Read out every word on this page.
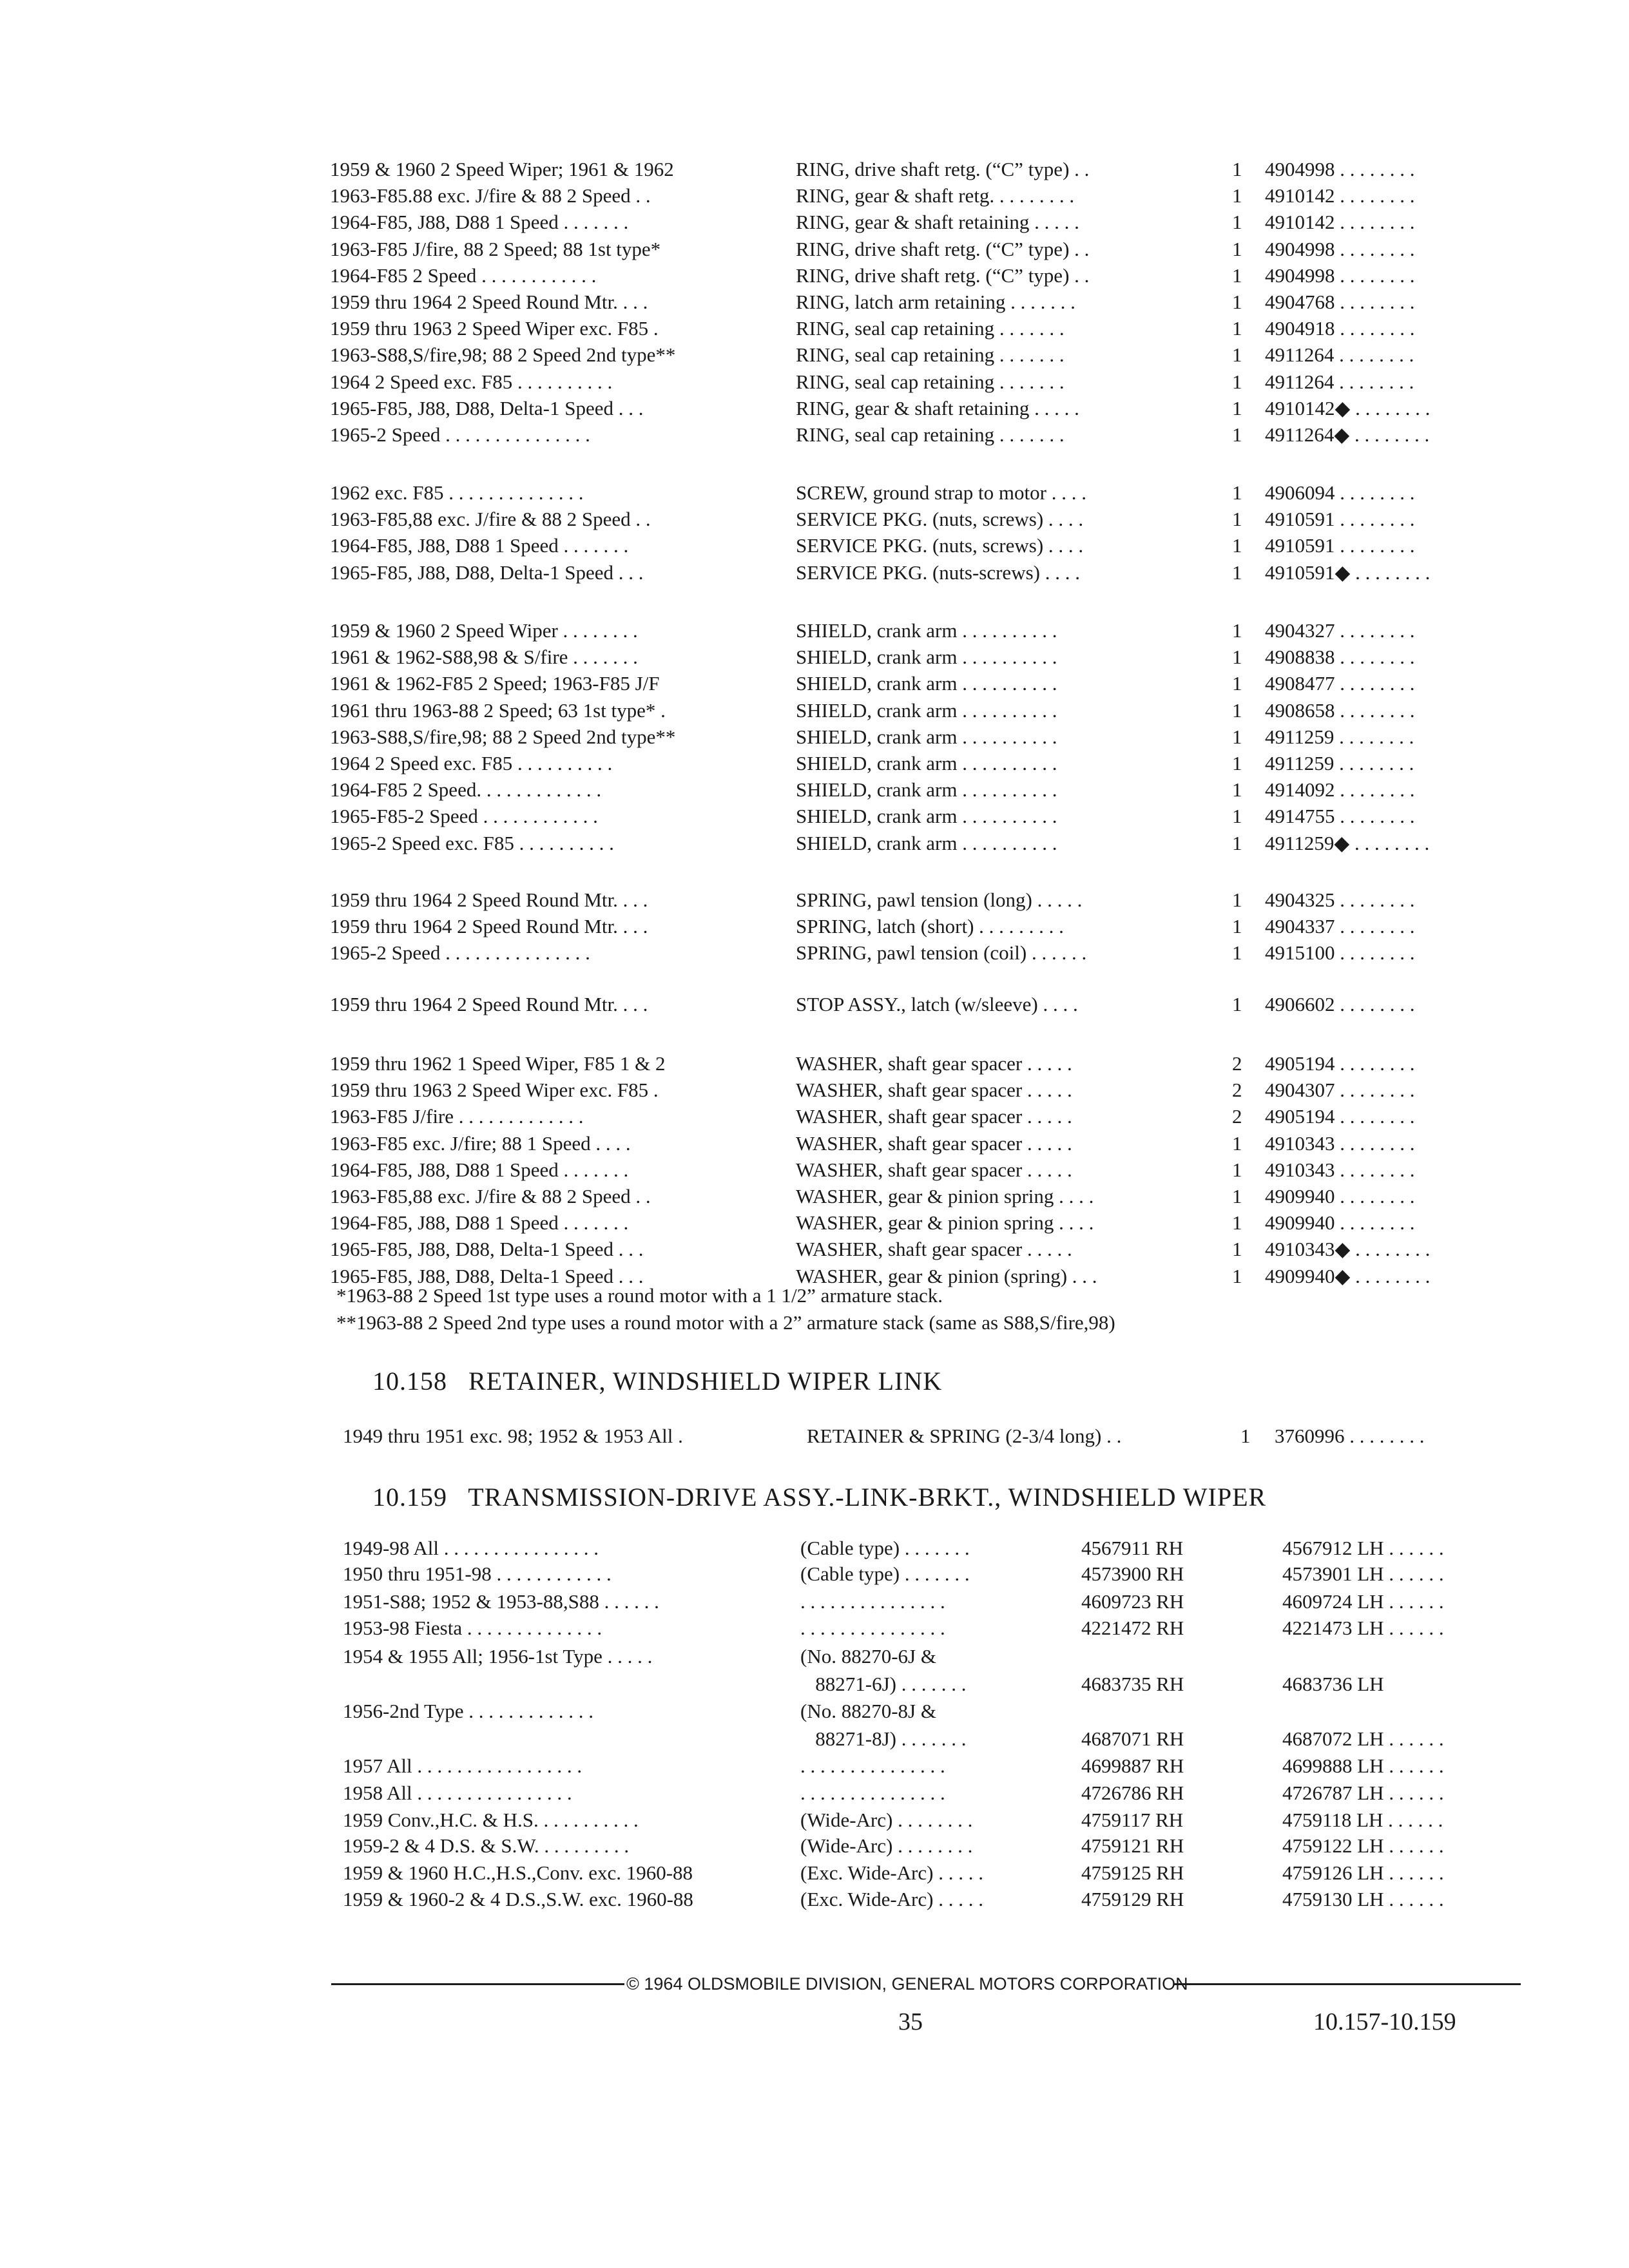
1959 & 1960 2 Speed Wiper; 1961 & 1962	RING, drive shaft retg. (“C” type) . .	1 4904998 . . . . . . . .
1963-F85.88 exc. J/fire & 88 2 Speed . .	RING, gear & shaft retg. . . . . . . . .	1 4910142 . . . . . . . .
1964-F85, J88, D88 1 Speed . . . . . . .	RING, gear & shaft retaining . . . . .	1 4910142 . . . . . . . .
1963-F85 J/fire, 88 2 Speed; 88 1st type*	RING, drive shaft retg. (“C” type) . .	1 4904998 . . . . . . . .
1964-F85 2 Speed . . . . . . . . . . . .	RING, drive shaft retg. (“C” type) . .	1 4904998 . . . . . . . .
1959 thru 1964 2 Speed Round Mtr. . . .	RING, latch arm retaining . . . . . . .	1 4904768 . . . . . . . .
1959 thru 1963 2 Speed Wiper exc. F85 .	RING, seal cap retaining . . . . . . .	1 4904918 . . . . . . . .
1963-S88,S/fire,98; 88 2 Speed 2nd type**	RING, seal cap retaining . . . . . . .	1 4911264 . . . . . . . .
1964 2 Speed exc. F85 . . . . . . . . . .	RING, seal cap retaining . . . . . . .	1 4911264 . . . . . . . .
1965-F85, J88, D88, Delta-1 Speed . . .	RING, gear & shaft retaining . . . . .	1 4910142◆ . . . . . . . .
1965-2 Speed . . . . . . . . . . . . . . .	RING, seal cap retaining . . . . . . .	1 4911264◆ . . . . . . . .
1962 exc. F85 . . . . . . . . . . . . . .	SCREW, ground strap to motor . . . .	1 4906094 . . . . . . . .
1963-F85,88 exc. J/fire & 88 2 Speed . .	SERVICE PKG. (nuts, screws) . . . .	1 4910591 . . . . . . . .
1964-F85, J88, D88 1 Speed . . . . . . .	SERVICE PKG. (nuts, screws) . . . .	1 4910591 . . . . . . . .
1965-F85, J88, D88, Delta-1 Speed . . .	SERVICE PKG. (nuts-screws) . . . .	1 4910591◆ . . . . . . . .
1959 & 1960 2 Speed Wiper . . . . . . . .	SHIELD, crank arm . . . . . . . . . .	1 4904327 . . . . . . . .
1961 & 1962-S88,98 & S/fire . . . . . . .	SHIELD, crank arm . . . . . . . . . .	1 4908838 . . . . . . . .
1961 & 1962-F85 2 Speed; 1963-F85 J/F	SHIELD, crank arm . . . . . . . . . .	1 4908477 . . . . . . . .
1961 thru 1963-88 2 Speed; 63 1st type* .	SHIELD, crank arm . . . . . . . . . .	1 4908658 . . . . . . . .
1963-S88,S/fire,98; 88 2 Speed 2nd type**	SHIELD, crank arm . . . . . . . . . .	1 4911259 . . . . . . . .
1964 2 Speed exc. F85 . . . . . . . . . .	SHIELD, crank arm . . . . . . . . . .	1 4911259 . . . . . . . .
1964-F85 2 Speed. . . . . . . . . . . . .	SHIELD, crank arm . . . . . . . . . .	1 4914092 . . . . . . . .
1965-F85-2 Speed . . . . . . . . . . . .	SHIELD, crank arm . . . . . . . . . .	1 4914755 . . . . . . . .
1965-2 Speed exc. F85 . . . . . . . . . .	SHIELD, crank arm . . . . . . . . . .	1 4911259◆ . . . . . . . .
1959 thru 1964 2 Speed Round Mtr. . . .	SPRING, pawl tension (long) . . . . .	1 4904325 . . . . . . . .
1959 thru 1964 2 Speed Round Mtr. . . .	SPRING, latch (short) . . . . . . . . .	1 4904337 . . . . . . . .
1965-2 Speed . . . . . . . . . . . . . . .	SPRING, pawl tension (coil) . . . . . .	1 4915100 . . . . . . . .
1959 thru 1964 2 Speed Round Mtr. . . .	STOP ASSY., latch (w/sleeve) . . . .	1 4906602 . . . . . . . .
1959 thru 1962 1 Speed Wiper, F85 1 & 2	WASHER, shaft gear spacer . . . . .	2 4905194 . . . . . . . .
1959 thru 1963 2 Speed Wiper exc. F85 .	WASHER, shaft gear spacer . . . . .	2 4904307 . . . . . . . .
1963-F85 J/fire . . . . . . . . . . . . .	WASHER, shaft gear spacer . . . . .	2 4905194 . . . . . . . .
1963-F85 exc. J/fire; 88 1 Speed . . . .	WASHER, shaft gear spacer . . . . .	1 4910343 . . . . . . . .
1964-F85, J88, D88 1 Speed . . . . . . .	WASHER, shaft gear spacer . . . . .	1 4910343 . . . . . . . .
1963-F85,88 exc. J/fire & 88 2 Speed . .	WASHER, gear & pinion spring . . . .	1 4909940 . . . . . . . .
1964-F85, J88, D88 1 Speed . . . . . . .	WASHER, gear & pinion spring . . . .	1 4909940 . . . . . . . .
1965-F85, J88, D88, Delta-1 Speed . . .	WASHER, shaft gear spacer . . . . .	1 4910343◆ . . . . . . . .
1965-F85, J88, D88, Delta-1 Speed . . .	WASHER, gear & pinion (spring) . . .	1 4909940◆ . . . . . . . .
*1963-88 2 Speed 1st type uses a round motor with a 1 1/2” armature stack.
**1963-88 2 Speed 2nd type uses a round motor with a 2” armature stack (same as S88,S/fire,98)
10.158   RETAINER, WINDSHIELD WIPER LINK
1949 thru 1951 exc. 98; 1952 & 1953 All .	RETAINER & SPRING (2-3/4 long) . .	1 3760996 . . . . . . . .
10.159   TRANSMISSION-DRIVE ASSY.-LINK-BRKT., WINDSHIELD WIPER
1949-98 All . . . . . . . . . . . . . . . .	(Cable type) . . . . . . .	4567911 RH	4567912 LH . . . . . .
1950 thru 1951-98 . . . . . . . . . . . .	(Cable type) . . . . . . .	4573900 RH	4573901 LH . . . . . .
1951-S88; 1952 & 1953-88,S88 . . . . . .	. . . . . . . . . . . . . . .	4609723 RH	4609724 LH . . . . . .
1953-98 Fiesta . . . . . . . . . . . . . .	. . . . . . . . . . . . . . .	4221472 RH	4221473 LH . . . . . .
1954 & 1955 All; 1956-1st Type . . . . .	(No. 88270-6J &
88271-6J) . . . . . . .	4683735 RH	4683736 LH
1956-2nd Type . . . . . . . . . . . . .	(No. 88270-8J &
88271-8J) . . . . . . .	4687071 RH	4687072 LH . . . . . .
1957 All . . . . . . . . . . . . . . . . .	. . . . . . . . . . . . . . .	4699887 RH	4699888 LH . . . . . .
1958 All . . . . . . . . . . . . . . . .	. . . . . . . . . . . . . . .	4726786 RH	4726787 LH . . . . . .
1959 Conv.,H.C. & H.S. . . . . . . . . . .	(Wide-Arc) . . . . . . . .	4759117 RH	4759118 LH . . . . . .
1959-2 & 4 D.S. & S.W. . . . . . . . . .	(Wide-Arc) . . . . . . . .	4759121 RH	4759122 LH . . . . . .
1959 & 1960 H.C.,H.S.,Conv. exc. 1960-88	(Exc. Wide-Arc) . . . . .	4759125 RH	4759126 LH . . . . . .
1959 & 1960-2 & 4 D.S.,S.W. exc. 1960-88	(Exc. Wide-Arc) . . . . .	4759129 RH	4759130 LH . . . . . .
© 1964 OLDSMOBILE DIVISION, GENERAL MOTORS CORPORATION
35	10.157-10.159
